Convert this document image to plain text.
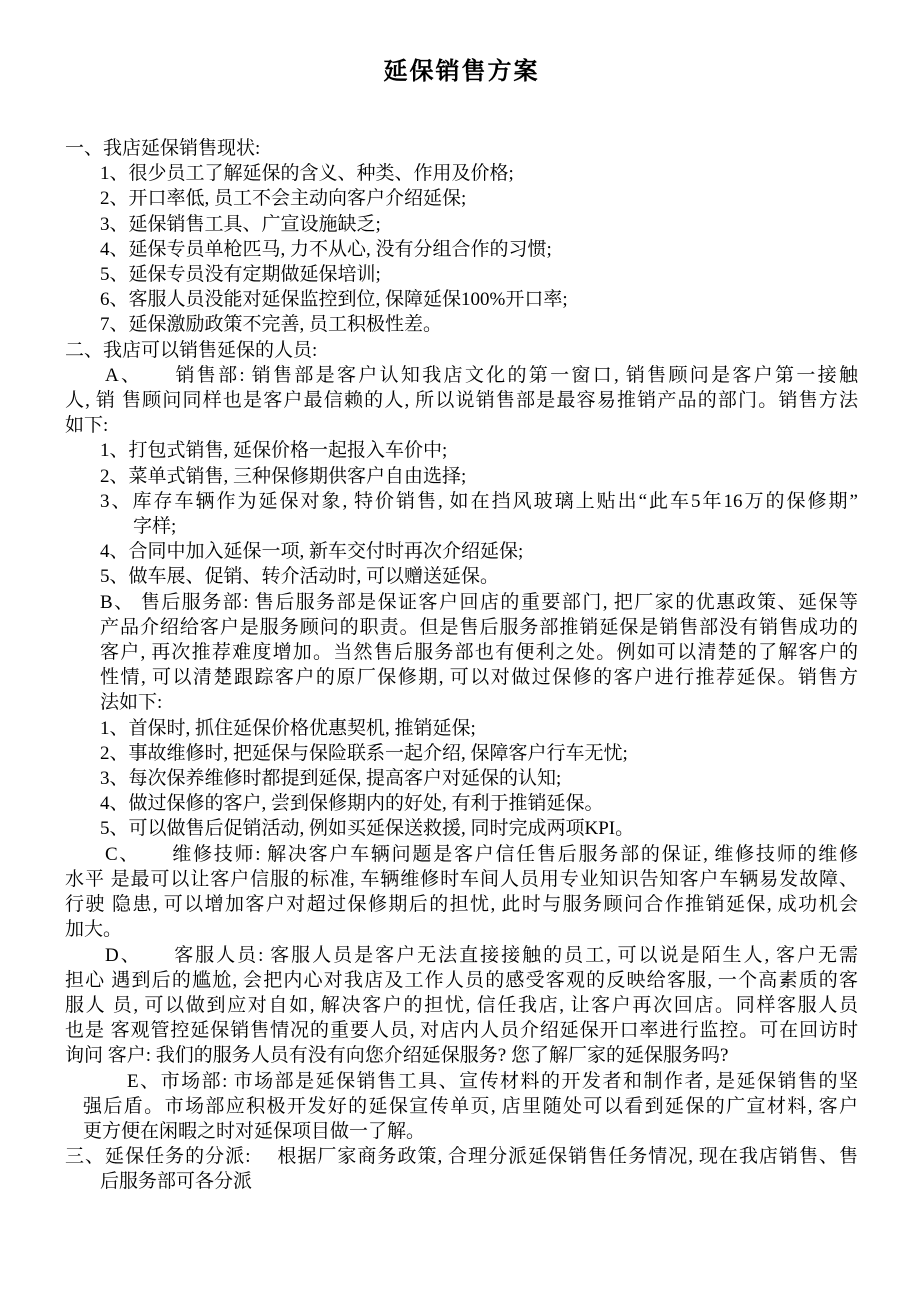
延保销售方案
一、我店延保销售现状:
1、很少员工了解延保的含义、种类、作用及价格;
2、开口率低, 员工不会主动向客户介绍延保;
3、延保销售工具、广宣设施缺乏;
4、延保专员单枪匹马, 力不从心, 没有分组合作的习惯;
5、延保专员没有定期做延保培训;
6、客服人员没能对延保监控到位, 保障延保100%开口率;
7、延保激励政策不完善, 员工积极性差。
二、我店可以销售延保的人员:
A、　　销售部: 销售部是客户认知我店文化的第一窗口, 销售顾问是客户第一接触
人, 销 售顾问同样也是客户最信赖的人, 所以说销售部是最容易推销产品的部门。销售方法
如下:
1、打包式销售, 延保价格一起报入车价中;
2、菜单式销售, 三种保修期供客户自由选择;
3、库存车辆作为延保对象, 特价销售, 如在挡风玻璃上贴出“此车5年16万的保修期”
字样;
4、合同中加入延保一项, 新车交付时再次介绍延保;
5、做车展、促销、转介活动时, 可以赠送延保。
B、 售后服务部: 售后服务部是保证客户回店的重要部门, 把厂家的优惠政策、延保等
产品介绍给客户是服务顾问的职责。但是售后服务部推销延保是销售部没有销售成功的
客户, 再次推荐难度增加。当然售后服务部也有便利之处。例如可以清楚的了解客户的
性情, 可以清楚跟踪客户的原厂保修期, 可以对做过保修的客户进行推荐延保。销售方
法如下:
1、首保时, 抓住延保价格优惠契机, 推销延保;
2、事故维修时, 把延保与保险联系一起介绍, 保障客户行车无忧;
3、每次保养维修时都提到延保, 提高客户对延保的认知;
4、做过保修的客户, 尝到保修期内的好处, 有利于推销延保。
5、可以做售后促销活动, 例如买延保送救援, 同时完成两项KPI。
C、　　维修技师: 解决客户车辆问题是客户信任售后服务部的保证, 维修技师的维修
水平 是最可以让客户信服的标准, 车辆维修时车间人员用专业知识告知客户车辆易发故障、
行驶 隐患, 可以增加客户对超过保修期后的担忧, 此时与服务顾问合作推销延保, 成功机会
加大。
D、　　客服人员: 客服人员是客户无法直接接触的员工, 可以说是陌生人, 客户无需
担心 遇到后的尴尬, 会把内心对我店及工作人员的感受客观的反映给客服, 一个高素质的客
服人 员, 可以做到应对自如, 解决客户的担忧, 信任我店, 让客户再次回店。同样客服人员
也是 客观管控延保销售情况的重要人员, 对店内人员介绍延保开口率进行监控。可在回访时
询问 客户: 我们的服务人员有没有向您介绍延保服务? 您了解厂家的延保服务吗?
E、市场部: 市场部是延保销售工具、宣传材料的开发者和制作者, 是延保销售的坚
强后盾。市场部应积极开发好的延保宣传单页, 店里随处可以看到延保的广宣材料, 客户
更方便在闲暇之时对延保项目做一了解。
三、延保任务的分派:　 根据厂家商务政策, 合理分派延保销售任务情况, 现在我店销售、售
后服务部可各分派
